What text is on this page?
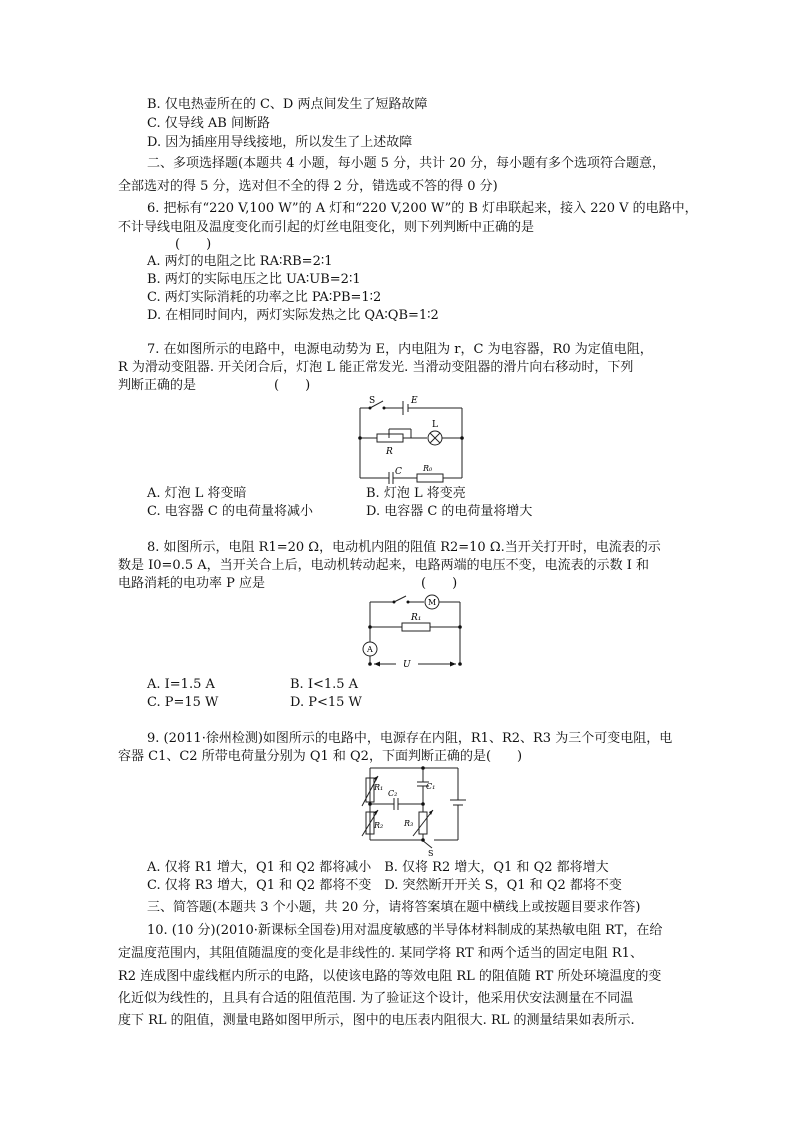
B. 仅电热壶所在的 C、D 两点间发生了短路故障
C. 仅导线 AB 间断路
D. 因为插座用导线接地，所以发生了上述故障
二、多项选择题(本题共 4 小题，每小题 5 分，共计 20 分，每小题有多个选项符合题意，
全部选对的得 5 分，选对但不全的得 2 分，错选或不答的得 0 分)
6. 把标有“220 V,100 W”的 A 灯和“220 V,200 W”的 B 灯串联起来，接入 220 V 的电路中，
不计导线电阻及温度变化而引起的灯丝电阻变化，则下列判断中正确的是
(　　)
A. 两灯的电阻之比 RA∶RB=2∶1
B. 两灯的实际电压之比 UA∶UB=2∶1
C. 两灯实际消耗的功率之比 PA∶PB=1∶2
D. 在相同时间内，两灯实际发热之比 QA∶QB=1∶2
7. 在如图所示的电路中，电源电动势为 E，内电阻为 r，C 为电容器，R0 为定值电阻，
R 为滑动变阻器. 开关闭合后，灯泡 L 能正常发光. 当滑动变阻器的滑片向右移动时，下列
判断正确的是　　　　　　(　　)
S	E
L
R
C	R₀
A. 灯泡 L 将变暗	B. 灯泡 L 将变亮
C. 电容器 C 的电荷量将减小	D. 电容器 C 的电荷量将增大
8. 如图所示，电阻 R1=20 Ω，电动机内阻的阻值 R2=10 Ω.当开关打开时，电流表的示
数是 I0=0.5 A，当开关合上后，电动机转动起来，电路两端的电压不变，电流表的示数 I 和
电路消耗的电功率 P 应是　　　　　　　　　　　　(　　)
M
R₁
A
U
A. I=1.5 A	B. I<1.5 A
C. P=15 W	D. P<15 W
9. (2011·徐州检测)如图所示的电路中，电源存在内阻，R1、R2、R3 为三个可变电阻，电
容器 C1、C2 所带电荷量分别为 Q1 和 Q2，下面判断正确的是(　　)
R₁
R₂	R₃
C₁
C₂
S
A. 仅将 R1 增大，Q1 和 Q2 都将减小　B. 仅将 R2 增大，Q1 和 Q2 都将增大
C. 仅将 R3 增大，Q1 和 Q2 都将不变　D. 突然断开开关 S，Q1 和 Q2 都将不变
三、简答题(本题共 3 个小题，共 20 分，请将答案填在题中横线上或按题目要求作答)
10. (10 分)(2010·新课标全国卷)用对温度敏感的半导体材料制成的某热敏电阻 RT，在给
定温度范围内，其阻值随温度的变化是非线性的. 某同学将 RT 和两个适当的固定电阻 R1、
R2 连成图中虚线框内所示的电路，以使该电路的等效电阻 RL 的阻值随 RT 所处环境温度的变
化近似为线性的，且具有合适的阻值范围. 为了验证这个设计，他采用伏安法测量在不同温
度下 RL 的阻值，测量电路如图甲所示，图中的电压表内阻很大. RL 的测量结果如表所示.
